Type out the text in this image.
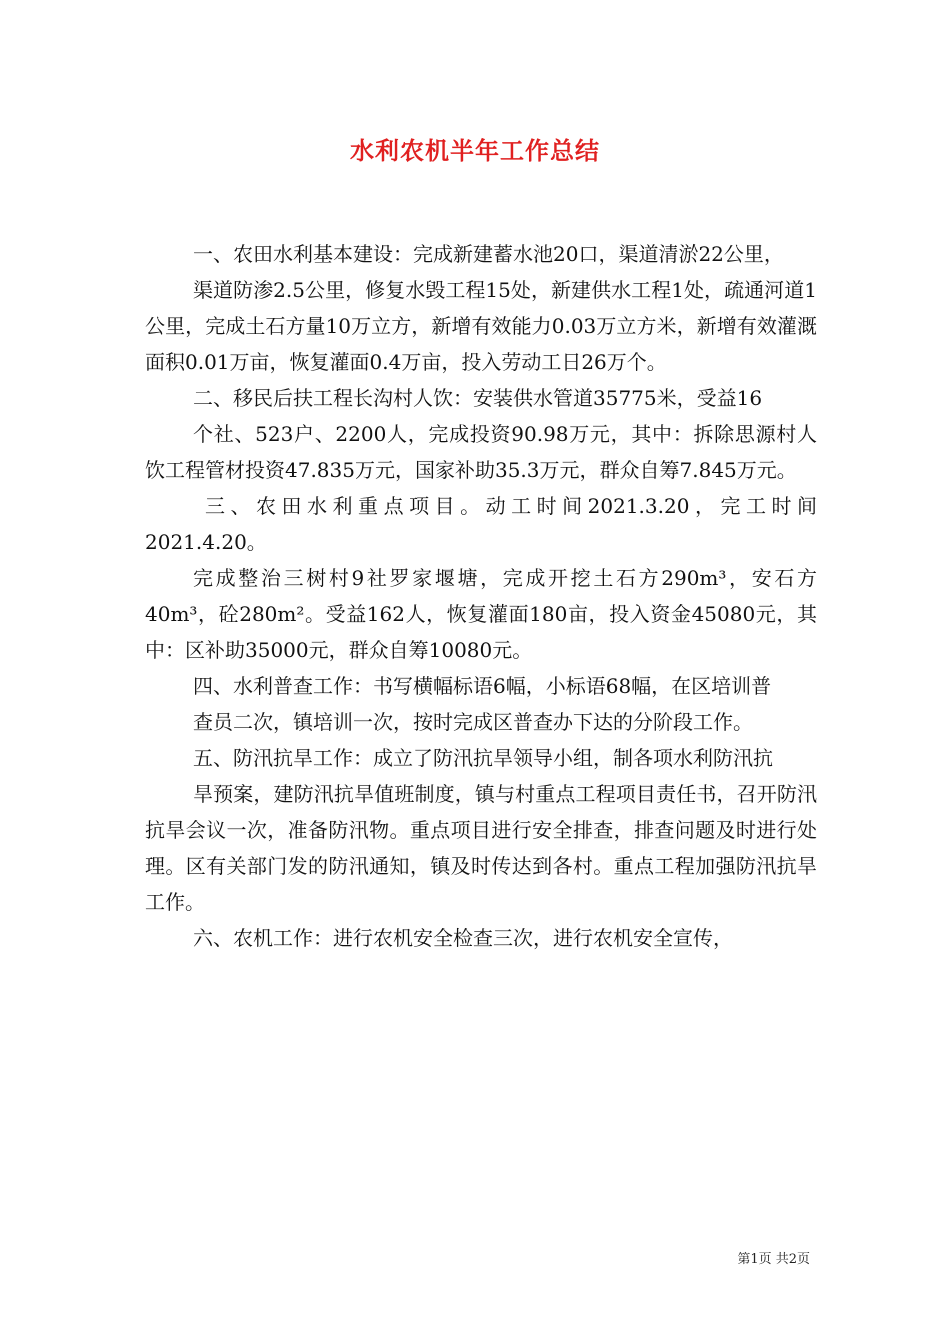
水利农机半年工作总结

一、农田水利基本建设：完成新建蓄水池20口，渠道清淤22公里，

渠道防渗2.5公里，修复水毁工程15处，新建供水工程1处，疏通河道1公里，完成土石方量10万立方，新增有效能力0.03万立方米，新增有效灌溉面积0.01万亩，恢复灌面0.4万亩，投入劳动工日26万个。

二、移民后扶工程长沟村人饮：安装供水管道35775米，受益16

个社、523户、2200人，完成投资90.98万元，其中：拆除思源村人饮工程管材投资47.835万元，国家补助35.3万元，群众自筹7.845万元。

三、农田水利重点项目。动工时间2021.3.20，完工时间2021.4.20。

完成整治三树村9社罗家堰塘，完成开挖土石方290m³，安石方40m³，砼280m²。受益162人，恢复灌面180亩，投入资金45080元，其中：区补助35000元，群众自筹10080元。

四、水利普查工作：书写横幅标语6幅，小标语68幅，在区培训普

查员二次，镇培训一次，按时完成区普查办下达的分阶段工作。

五、防汛抗旱工作：成立了防汛抗旱领导小组，制各项水利防汛抗

旱预案，建防汛抗旱值班制度，镇与村重点工程项目责任书，召开防汛抗旱会议一次，准备防汛物。重点项目进行安全排查，排查问题及时进行处理。区有关部门发的防汛通知，镇及时传达到各村。重点工程加强防汛抗旱工作。

六、农机工作：进行农机安全检查三次，进行农机安全宣传，

第1页 共2页
